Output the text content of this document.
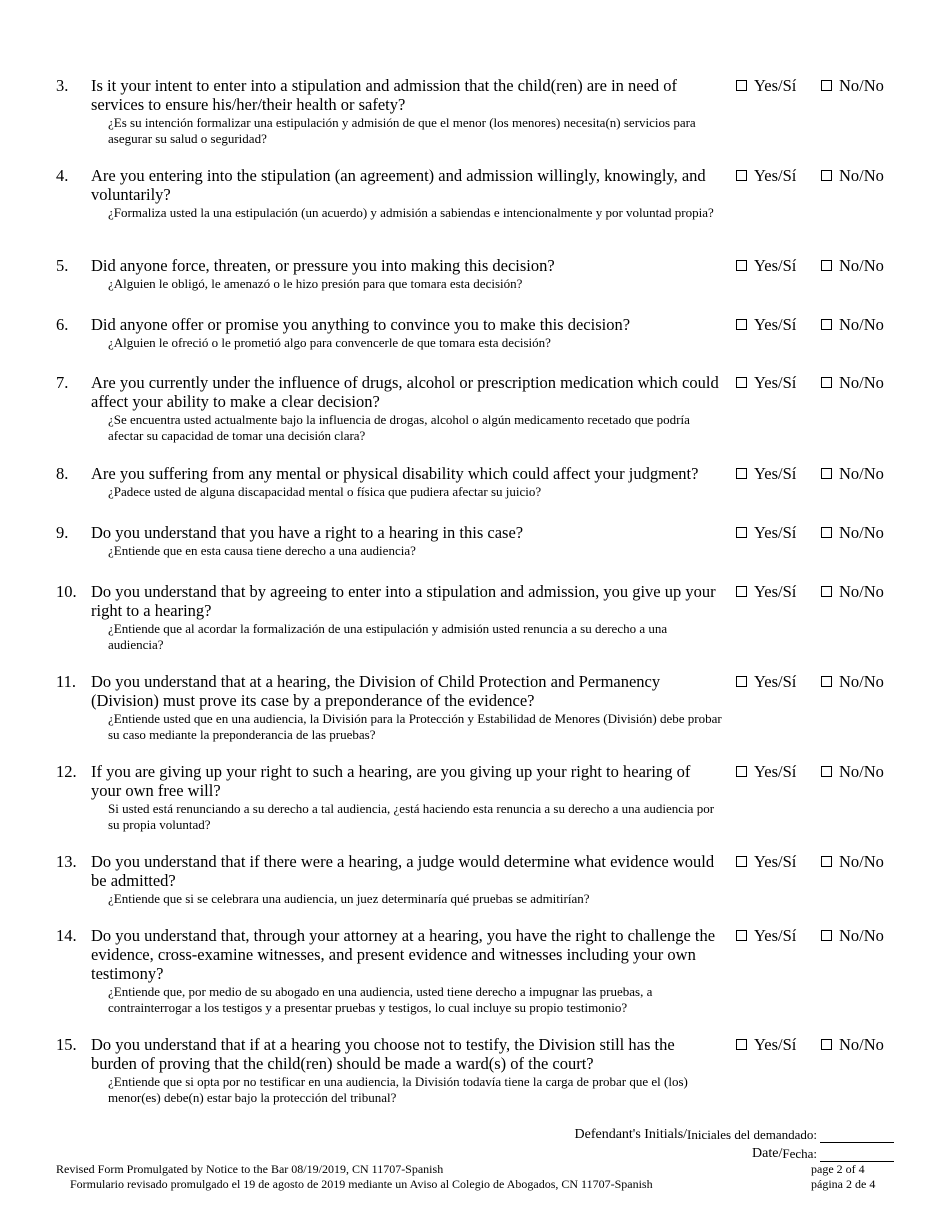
3. Is it your intent to enter into a stipulation and admission that the child(ren) are in need of services to ensure his/her/their health or safety?
¿Es su intención formalizar una estipulación y admisión de que el menor (los menores) necesita(n) servicios para asegurar su salud o seguridad?
Yes/Sí	No/No
4. Are you entering into the stipulation (an agreement) and admission willingly, knowingly, and voluntarily?
¿Formaliza usted la una estipulación (un acuerdo) y admisión a sabiendas e intencionalmente y por voluntad propia?
Yes/Sí	No/No
5. Did anyone force, threaten, or pressure you into making this decision?
¿Alguien le obligó, le amenazó o le hizo presión para que tomara esta decisión?
Yes/Sí	No/No
6. Did anyone offer or promise you anything to convince you to make this decision?
¿Alguien le ofreció o le prometió algo para convencerle de que tomara esta decisión?
Yes/Sí	No/No
7. Are you currently under the influence of drugs, alcohol or prescription medication which could affect your ability to make a clear decision?
¿Se encuentra usted actualmente bajo la influencia de drogas, alcohol o algún medicamento recetado que podría afectar su capacidad de tomar una decisión clara?
Yes/Sí	No/No
8. Are you suffering from any mental or physical disability which could affect your judgment?
¿Padece usted de alguna discapacidad mental o física que pudiera afectar su juicio?
Yes/Sí	No/No
9. Do you understand that you have a right to a hearing in this case?
¿Entiende que en esta causa tiene derecho a una audiencia?
Yes/Sí	No/No
10. Do you understand that by agreeing to enter into a stipulation and admission, you give up your right to a hearing?
¿Entiende que al acordar la formalización de una estipulación y admisión usted renuncia a su derecho a una audiencia?
Yes/Sí	No/No
11. Do you understand that at a hearing, the Division of Child Protection and Permanency (Division) must prove its case by a preponderance of the evidence?
¿Entiende usted que en una audiencia, la División para la Protección y Estabilidad de Menores (División) debe probar su caso mediante la preponderancia de las pruebas?
Yes/Sí	No/No
12. If you are giving up your right to such a hearing, are you giving up your right to hearing of your own free will?
Si usted está renunciando a su derecho a tal audiencia, ¿está haciendo esta renuncia a su derecho a una audiencia por su propia voluntad?
Yes/Sí	No/No
13. Do you understand that if there were a hearing, a judge would determine what evidence would be admitted?
¿Entiende que si se celebrara una audiencia, un juez determinaría qué pruebas se admitirían?
Yes/Sí	No/No
14. Do you understand that, through your attorney at a hearing, you have the right to challenge the evidence, cross-examine witnesses, and present evidence and witnesses including your own testimony?
¿Entiende que, por medio de su abogado en una audiencia, usted tiene derecho a impugnar las pruebas, a contrainterrogar a los testigos y a presentar pruebas y testigos, lo cual incluye su propio testimonio?
Yes/Sí	No/No
15. Do you understand that if at a hearing you choose not to testify, the Division still has the burden of proving that the child(ren) should be made a ward(s) of the court?
¿Entiende que si opta por no testificar en una audiencia, la División todavía tiene la carga de probar que el (los) menor(es) debe(n) estar bajo la protección del tribunal?
Yes/Sí	No/No
Defendant's Initials/ Iniciales del demandado:
Date/ Fecha:
Revised Form Promulgated by Notice to the Bar 08/19/2019, CN 11707-Spanish
Formulario revisado promulgado el 19 de agosto de 2019 mediante un Aviso al Colegio de Abogados, CN 11707-Spanish
page 2 of 4
página 2 de 4
